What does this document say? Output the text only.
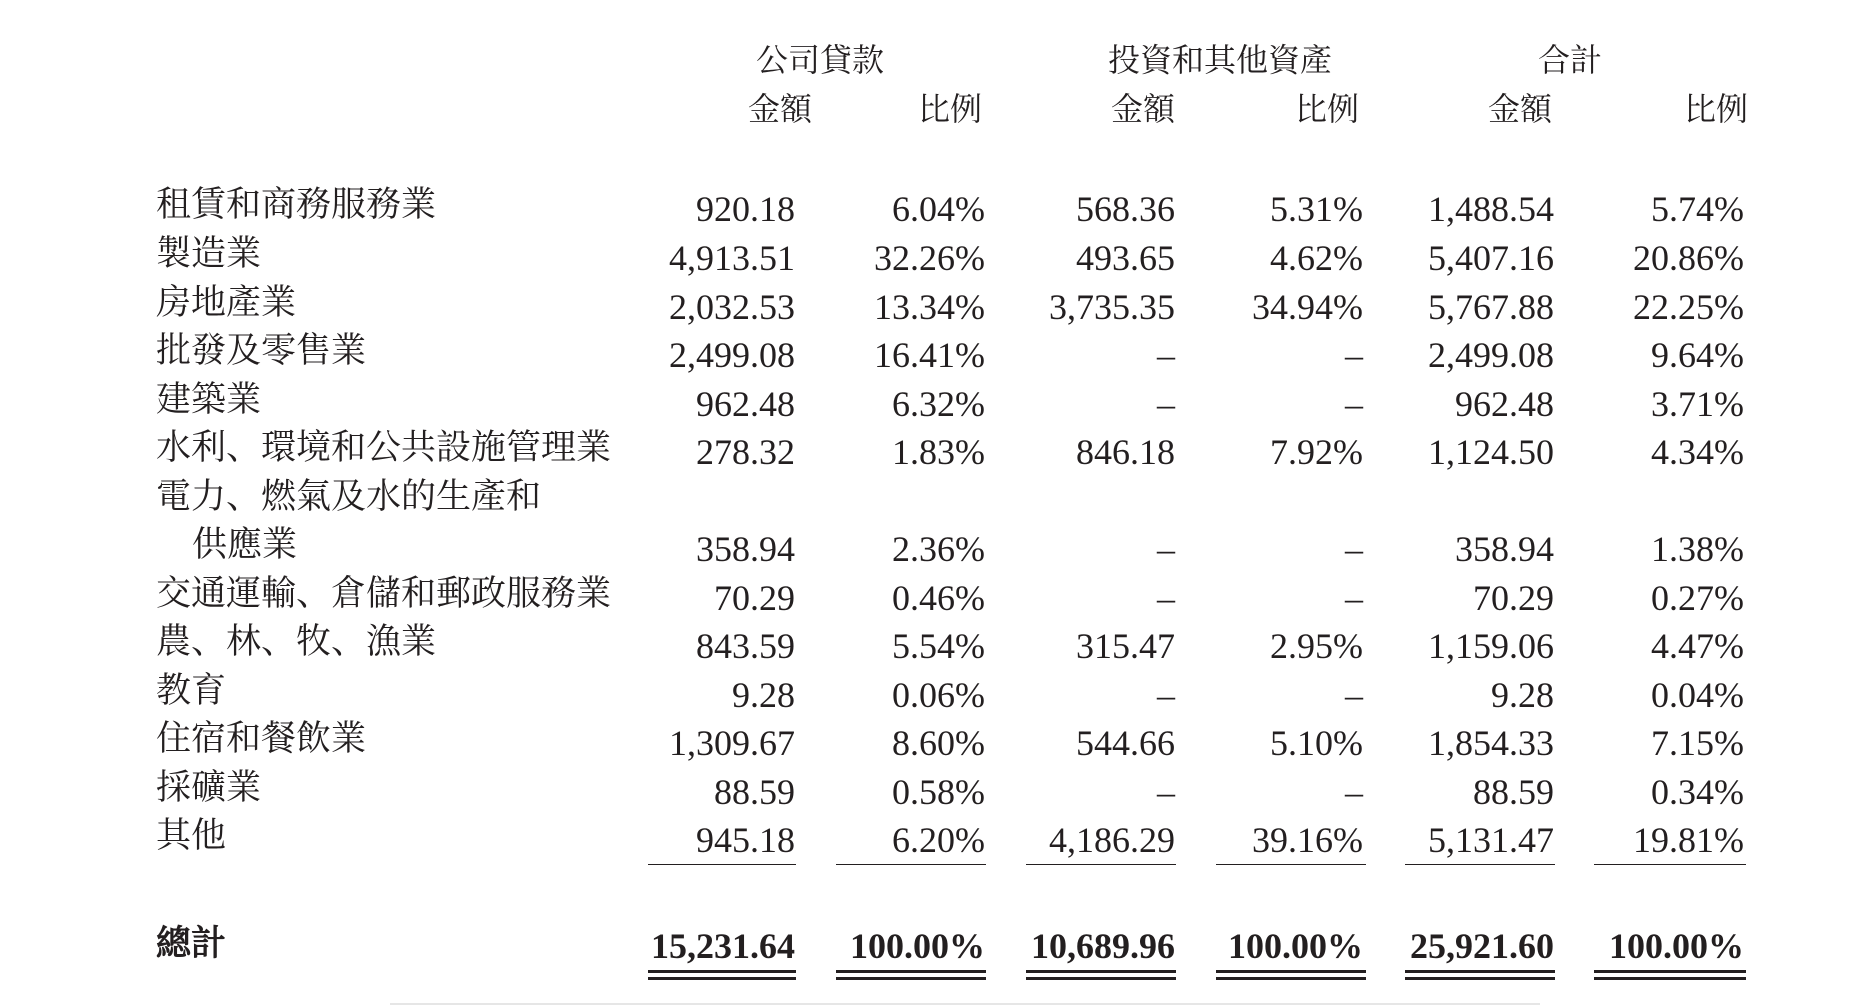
公司貸款	投資和其他資產	合計
金額	比例	金額	比例	金額	比例
租賃和商務服務業	920.18	6.04%	568.36	5.31%	1,488.54	5.74%
製造業	4,913.51	32.26%	493.65	4.62%	5,407.16	20.86%
房地產業	2,032.53	13.34%	3,735.35	34.94%	5,767.88	22.25%
批發及零售業	2,499.08	16.41%	–	–	2,499.08	9.64%
建築業	962.48	6.32%	–	–	962.48	3.71%
水利、環境和公共設施管理業	278.32	1.83%	846.18	7.92%	1,124.50	4.34%
電力、燃氣及水的生產和
供應業	358.94	2.36%	–	–	358.94	1.38%
交通運輸、倉儲和郵政服務業	70.29	0.46%	–	–	70.29	0.27%
農、林、牧、漁業	843.59	5.54%	315.47	2.95%	1,159.06	4.47%
教育	9.28	0.06%	–	–	9.28	0.04%
住宿和餐飲業	1,309.67	8.60%	544.66	5.10%	1,854.33	7.15%
採礦業	88.59	0.58%	–	–	88.59	0.34%
其他	945.18	6.20%	4,186.29	39.16%	5,131.47	19.81%
總計	15,231.64	100.00%	10,689.96	100.00%	25,921.60	100.00%
